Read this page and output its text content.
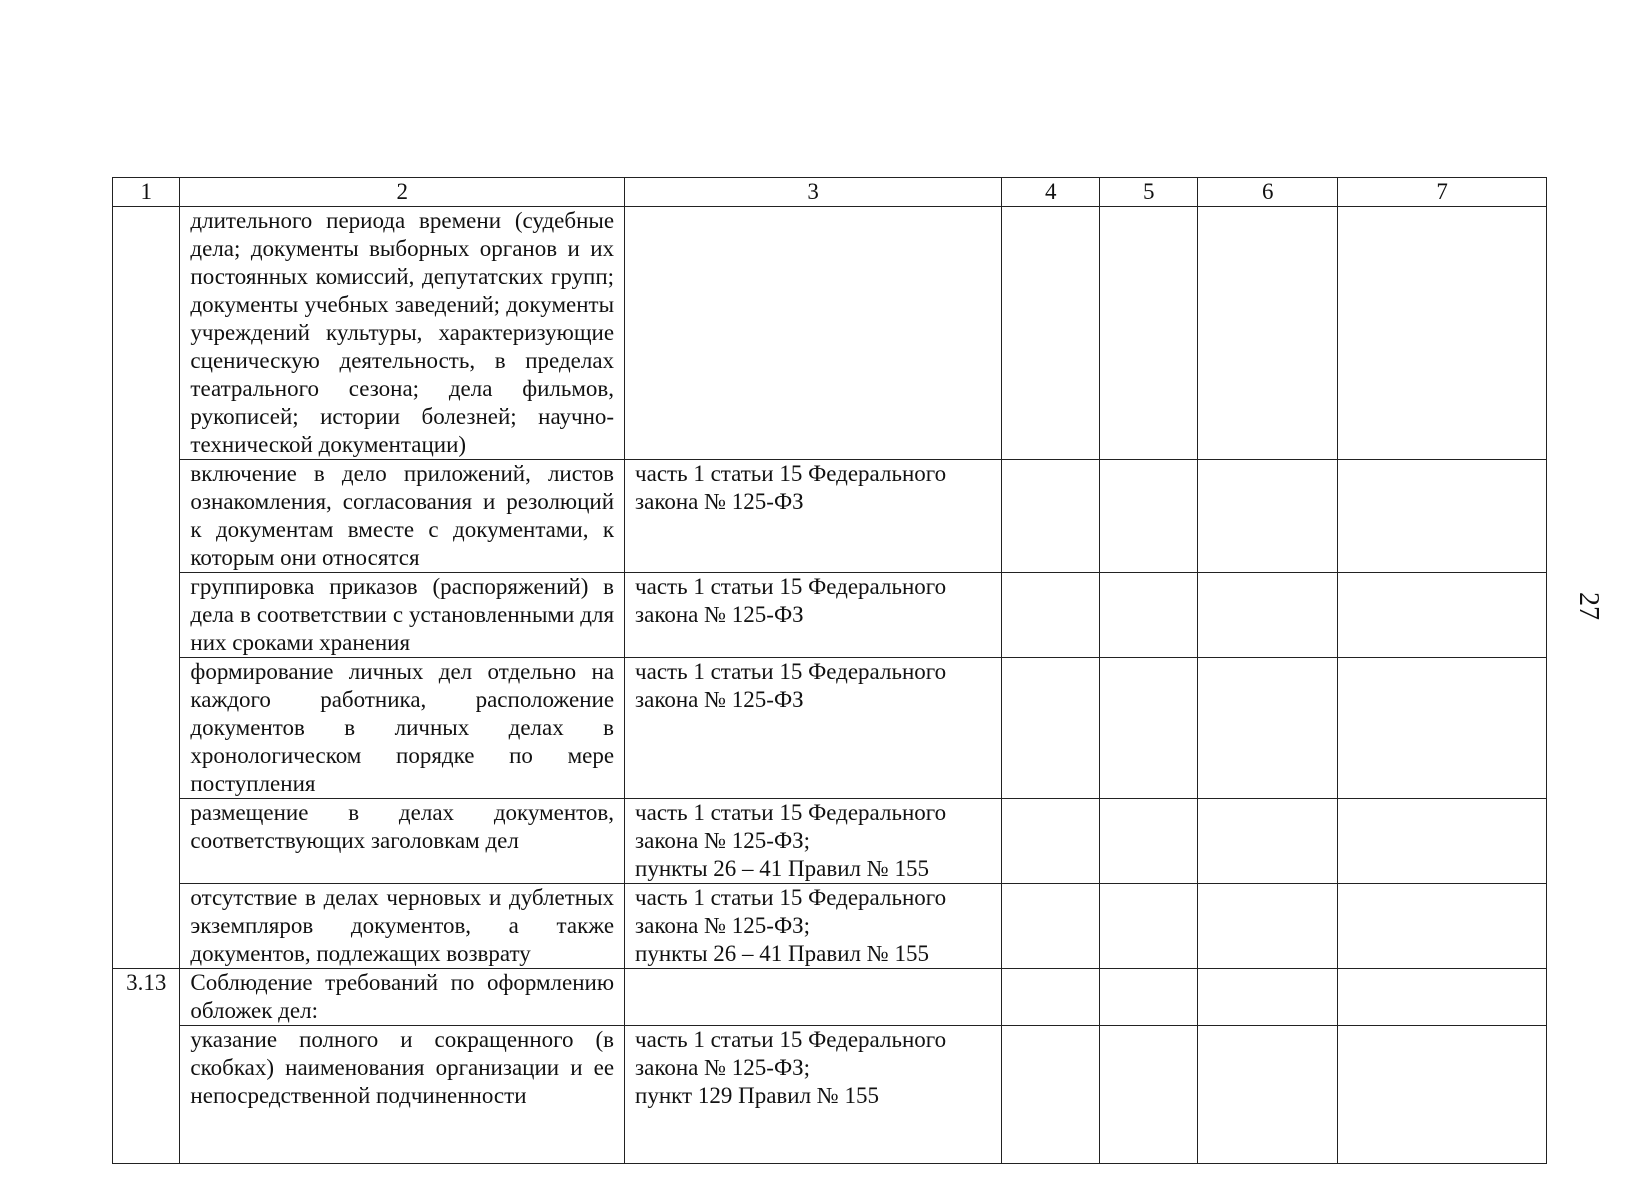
1	2	3	4	5	6	7
	длительного периода времени (судебные дела; документы выборных органов и их постоянных комиссий, депутатских групп; документы учебных заведений; документы учреждений культуры, характеризующие сценическую деятельность, в пределах театрального сезона; дела фильмов, рукописей; истории болезней; научно-технической документации)					
	включение в дело приложений, листов ознакомления, согласования и резолюций к документам вместе с документами, к которым они относятся	часть 1 статьи 15 Федерального закона № 125-ФЗ				

	группировка приказов (распоряжений) в дела в соответствии с установленными для них сроками хранения	часть 1 статьи 15 Федерального закона № 125-ФЗ				

	формирование личных дел отдельно на каждого работника, расположение документов в личных делах в хронологическом порядке по мере поступления	часть 1 статьи 15 Федерального закона № 125-ФЗ				

	размещение в делах документов, соответствующих заголовкам дел	часть 1 статьи 15 Федерального закона № 125-ФЗ;
пункты 26 – 41 Правил № 155				

	отсутствие в делах черновых и дублетных экземпляров документов, а также документов, подлежащих возврату	часть 1 статьи 15 Федерального закона № 125-ФЗ;
пункты 26 – 41 Правил № 155				

3.13	Соблюдение требований по оформлению обложек дел:					
	указание полного и сокращенного (в скобках) наименования организации и ее непосредственной подчиненности	часть 1 статьи 15 Федерального закона № 125-ФЗ;
пункт 129 Правил № 155				

27
